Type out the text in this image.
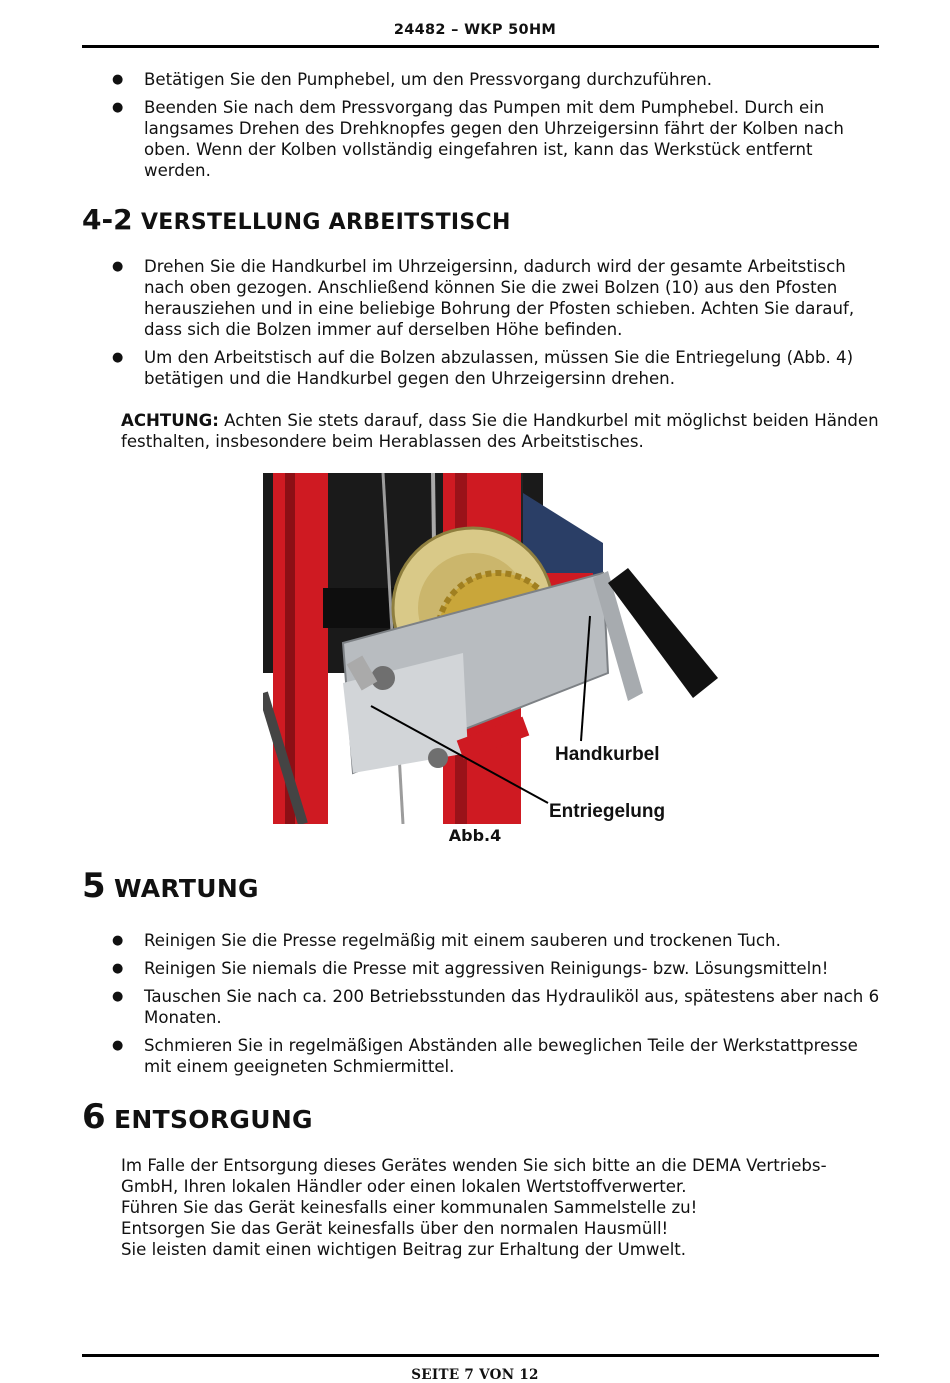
24482 – WKP 50HM
● Betätigen Sie den Pumphebel, um den Pressvorgang durchzuführen.
● Beenden Sie nach dem Pressvorgang das Pumpen mit dem Pumphebel. Durch ein langsames Drehen des Drehknopfes gegen den Uhrzeigersinn fährt der Kolben nach oben. Wenn der Kolben vollständig eingefahren ist, kann das Werkstück entfernt werden.
4-2 VERSTELLUNG ARBEITSTISCH
● Drehen Sie die Handkurbel im Uhrzeigersinn, dadurch wird der gesamte Arbeitstisch nach oben gezogen. Anschließend können Sie die zwei Bolzen (10) aus den Pfosten herausziehen und in eine beliebige Bohrung der Pfosten schieben. Achten Sie darauf, dass sich die Bolzen immer auf derselben Höhe befinden.
● Um den Arbeitstisch auf die Bolzen abzulassen, müssen Sie die Entriegelung (Abb. 4) betätigen und die Handkurbel gegen den Uhrzeigersinn drehen.

ACHTUNG: Achten Sie stets darauf, dass Sie die Handkurbel mit möglichst beiden Händen festhalten, insbesondere beim Herablassen des Arbeitstisches.

Handkurbel
Entriegelung
Abb.4
5 WARTUNG
● Reinigen Sie die Presse regelmäßig mit einem sauberen und trockenen Tuch.
● Reinigen Sie niemals die Presse mit aggressiven Reinigungs- bzw. Lösungsmitteln!
● Tauschen Sie nach ca. 200 Betriebsstunden das Hydrauliköl aus, spätestens aber nach 6 Monaten.
● Schmieren Sie in regelmäßigen Abständen alle beweglichen Teile der Werkstattpresse mit einem geeigneten Schmiermittel.
6 ENTSORGUNG
Im Falle der Entsorgung dieses Gerätes wenden Sie sich bitte an die DEMA Vertriebs-GmbH, Ihren lokalen Händler oder einen lokalen Wertstoffverwerter.
Führen Sie das Gerät keinesfalls einer kommunalen Sammelstelle zu!
Entsorgen Sie das Gerät keinesfalls über den normalen Hausmüll!
Sie leisten damit einen wichtigen Beitrag zur Erhaltung der Umwelt.
SEITE 7 VON 12
